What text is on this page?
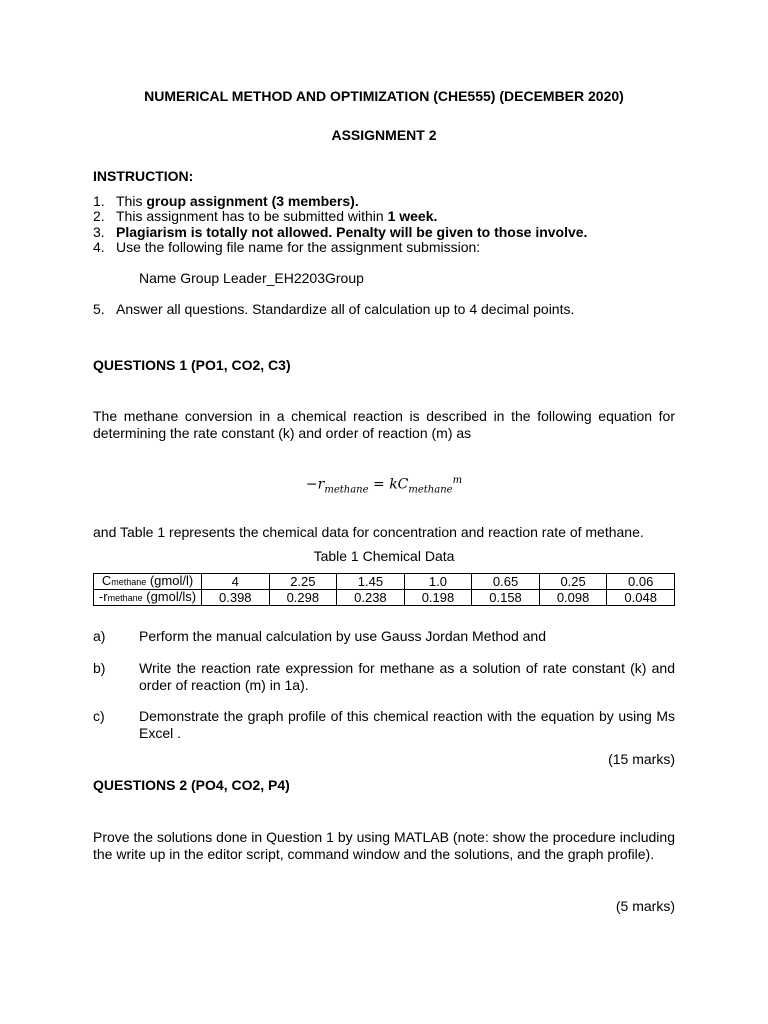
NUMERICAL METHOD AND OPTIMIZATION (CHE555) (DECEMBER 2020)
ASSIGNMENT 2
INSTRUCTION:
1. This group assignment (3 members).
2. This assignment has to be submitted within 1 week.
3. Plagiarism is totally not allowed. Penalty will be given to those involve.
4. Use the following file name for the assignment submission:
Name Group Leader_EH2203Group
5. Answer all questions. Standardize all of calculation up to 4 decimal points.
QUESTIONS 1 (PO1, CO2, C3)
The methane conversion in a chemical reaction is described in the following equation for determining the rate constant (k) and order of reaction (m) as
$-r_{methane} = kC_{methane}^m$
and Table 1 represents the chemical data for concentration and reaction rate of methane.
Table 1 Chemical Data
Cmethane (gmol/l)	4	2.25	1.45	1.0	0.65	0.25	0.06
-rmethane (gmol/ls)	0.398	0.298	0.238	0.198	0.158	0.098	0.048
a) Perform the manual calculation by use Gauss Jordan Method and
b) Write the reaction rate expression for methane as a solution of rate constant (k) and order of reaction (m) in 1a).
c) Demonstrate the graph profile of this chemical reaction with the equation by using Ms Excel .
(15 marks)
QUESTIONS 2 (PO4, CO2, P4)
Prove the solutions done in Question 1 by using MATLAB (note: show the procedure including the write up in the editor script, command window and the solutions, and the graph profile).
(5 marks)
